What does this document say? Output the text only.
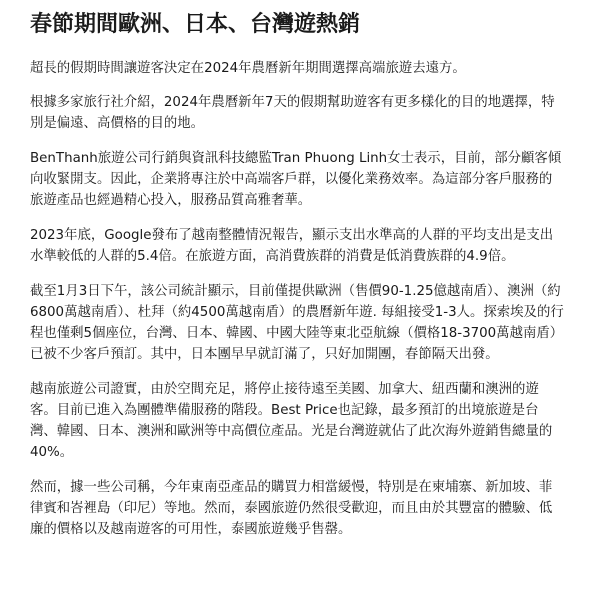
春節期間歐洲、日本、台灣遊熱銷

超長的假期時間讓遊客決定在2024年農曆新年期間選擇高端旅遊去遠方。

根據多家旅行社介紹，2024年農曆新年7天的假期幫助遊客有更多樣化的目的地選擇，特別是偏遠、高價格的目的地。

BenThanh旅遊公司行銷與資訊科技總監Tran Phuong Linh女士表示，目前，部分顧客傾向收緊開支。因此，企業將專注於中高端客戶群，以優化業務效率。為這部分客戶服務的旅遊產品也經過精心投入，服務品質高雅奢華。

2023年底，Google發布了越南整體情況報告，顯示支出水準高的人群的平均支出是支出水準較低的人群的5.4倍。在旅遊方面，高消費族群的消費是低消費族群的4.9倍。

截至1月3日下午，該公司統計顯示，目前僅提供歐洲（售價90-1.25億越南盾）、澳洲（約6800萬越南盾）、杜拜（約4500萬越南盾）的農曆新年遊. 每組接受1-3人。探索埃及的行程也僅剩5個座位，台灣、日本、韓國、中國大陸等東北亞航線（價格18-3700萬越南盾）已被不少客戶預訂。其中，日本團早早就訂滿了，只好加開團，春節隔天出發。

越南旅遊公司證實，由於空間充足，將停止接待遠至美國、加拿大、紐西蘭和澳洲的遊客。目前已進入為團體準備服務的階段。Best Price也記錄，最多預訂的出境旅遊是台灣、韓國、日本、澳洲和歐洲等中高價位產品。光是台灣遊就佔了此次海外遊銷售總量的40%。

然而，據一些公司稱，今年東南亞產品的購買力相當緩慢，特別是在柬埔寨、新加坡、菲律賓和峇裡島（印尼）等地。然而，泰國旅遊仍然很受歡迎，而且由於其豐富的體驗、低廉的價格以及越南遊客的可用性，泰國旅遊幾乎售罄。
